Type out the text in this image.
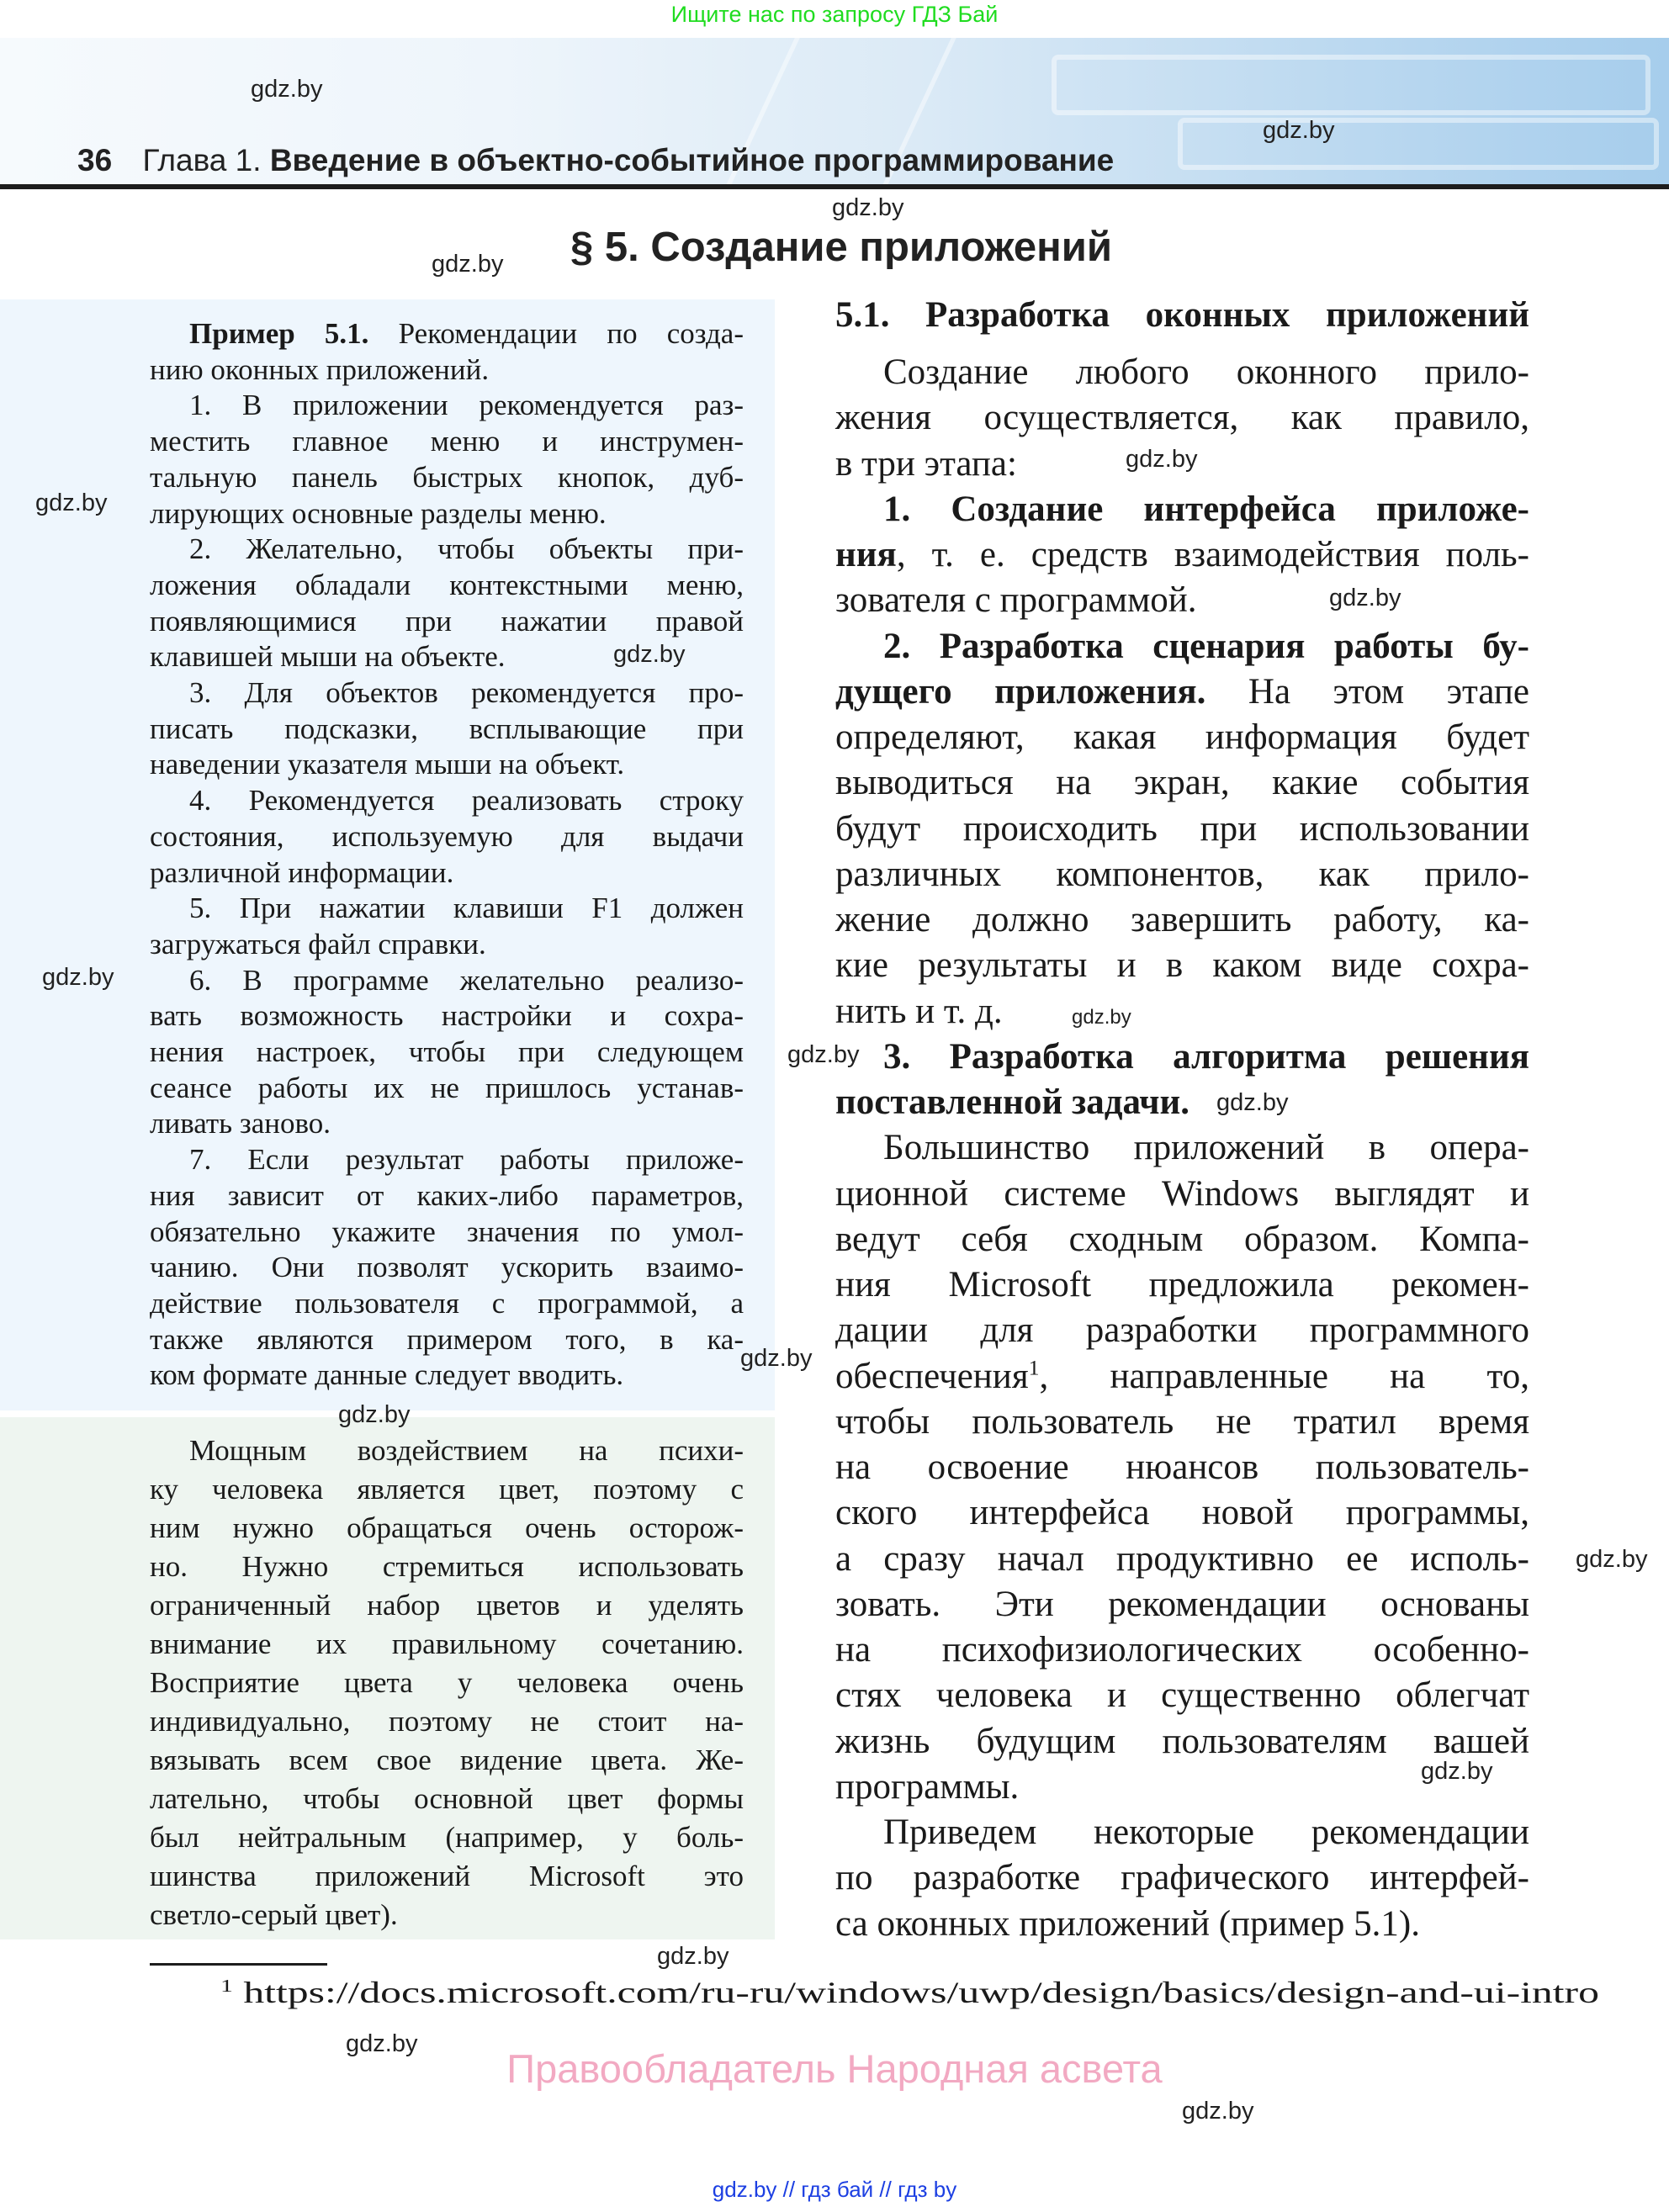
Ищите нас по запросу ГДЗ Бай
36 Глава 1. Введение в объектно-событийное программирование
§ 5. Создание приложений
Пример 5.1. Рекомендации по созда-
нию оконных приложений.
1. В приложении рекомендуется раз-
местить главное меню и инструмен-
тальную панель быстрых кнопок, дуб-
лирующих основные разделы меню.
2. Желательно, чтобы объекты при-
ложения обладали контекстными меню,
появляющимися при нажатии правой
клавишей мыши на объекте.
3. Для объектов рекомендуется про-
писать подсказки, всплывающие при
наведении указателя мыши на объект.
4. Рекомендуется реализовать строку
состояния, используемую для выдачи
различной информации.
5. При нажатии клавиши F1 должен
загружаться файл справки.
6. В программе желательно реализо-
вать возможность настройки и сохра-
нения настроек, чтобы при следующем
сеансе работы их не пришлось устанав-
ливать заново.
7. Если результат работы приложе-
ния зависит от каких-либо параметров,
обязательно укажите значения по умол-
чанию. Они позволят ускорить взаимо-
действие пользователя с программой, а
также являются примером того, в ка-
ком формате данные следует вводить.
Мощным воздействием на психи-
ку человека является цвет, поэтому с
ним нужно обращаться очень осторож-
но. Нужно стремиться использовать
ограниченный набор цветов и уделять
внимание их правильному сочетанию.
Восприятие цвета у человека очень
индивидуально, поэтому не стоит на-
вязывать всем свое видение цвета. Же-
лательно, чтобы основной цвет формы
был нейтральным (например, у боль-
шинства приложений Microsoft это
светло-серый цвет).
5.1. Разработка оконных приложений
Создание любого оконного прило-
жения осуществляется, как правило,
в три этапа:
1. Создание интерфейса приложе-
ния, т. е. средств взаимодействия поль-
зователя с программой.
2. Разработка сценария работы бу-
дущего приложения. На этом этапе
определяют, какая информация будет
выводиться на экран, какие события
будут происходить при использовании
различных компонентов, как прило-
жение должно завершить работу, ка-
кие результаты и в каком виде сохра-
нить и т. д.
3. Разработка алгоритма решения
поставленной задачи.
Большинство приложений в опера-
ционной системе Windows выглядят и
ведут себя сходным образом. Компа-
ния Microsoft предложила рекомен-
дации для разработки программного
обеспечения$^1$, направленные на то,
чтобы пользователь не тратил время
на освоение нюансов пользователь-
ского интерфейса новой программы,
а сразу начал продуктивно ее исполь-
зовать. Эти рекомендации основаны
на психофизиологических особенно-
стях человека и существенно облегчат
жизнь будущим пользователям вашей
программы.
Приведем некоторые рекомендации
по разработке графического интерфей-
са оконных приложений (пример 5.1).
$^1$ https://docs.microsoft.com/ru-ru/windows/uwp/design/basics/design-and-ui-intro
Правообладатель Народная асвета
gdz.by // гдз бай // гдз by
gdz.by
gdz.by
gdz.by
gdz.by
gdz.by
gdz.by
gdz.by
gdz.by
gdz.by
gdz.by
gdz.by
gdz.by
gdz.by
gdz.by
gdz.by
gdz.by
gdz.by
gdz.by
gdz.by
